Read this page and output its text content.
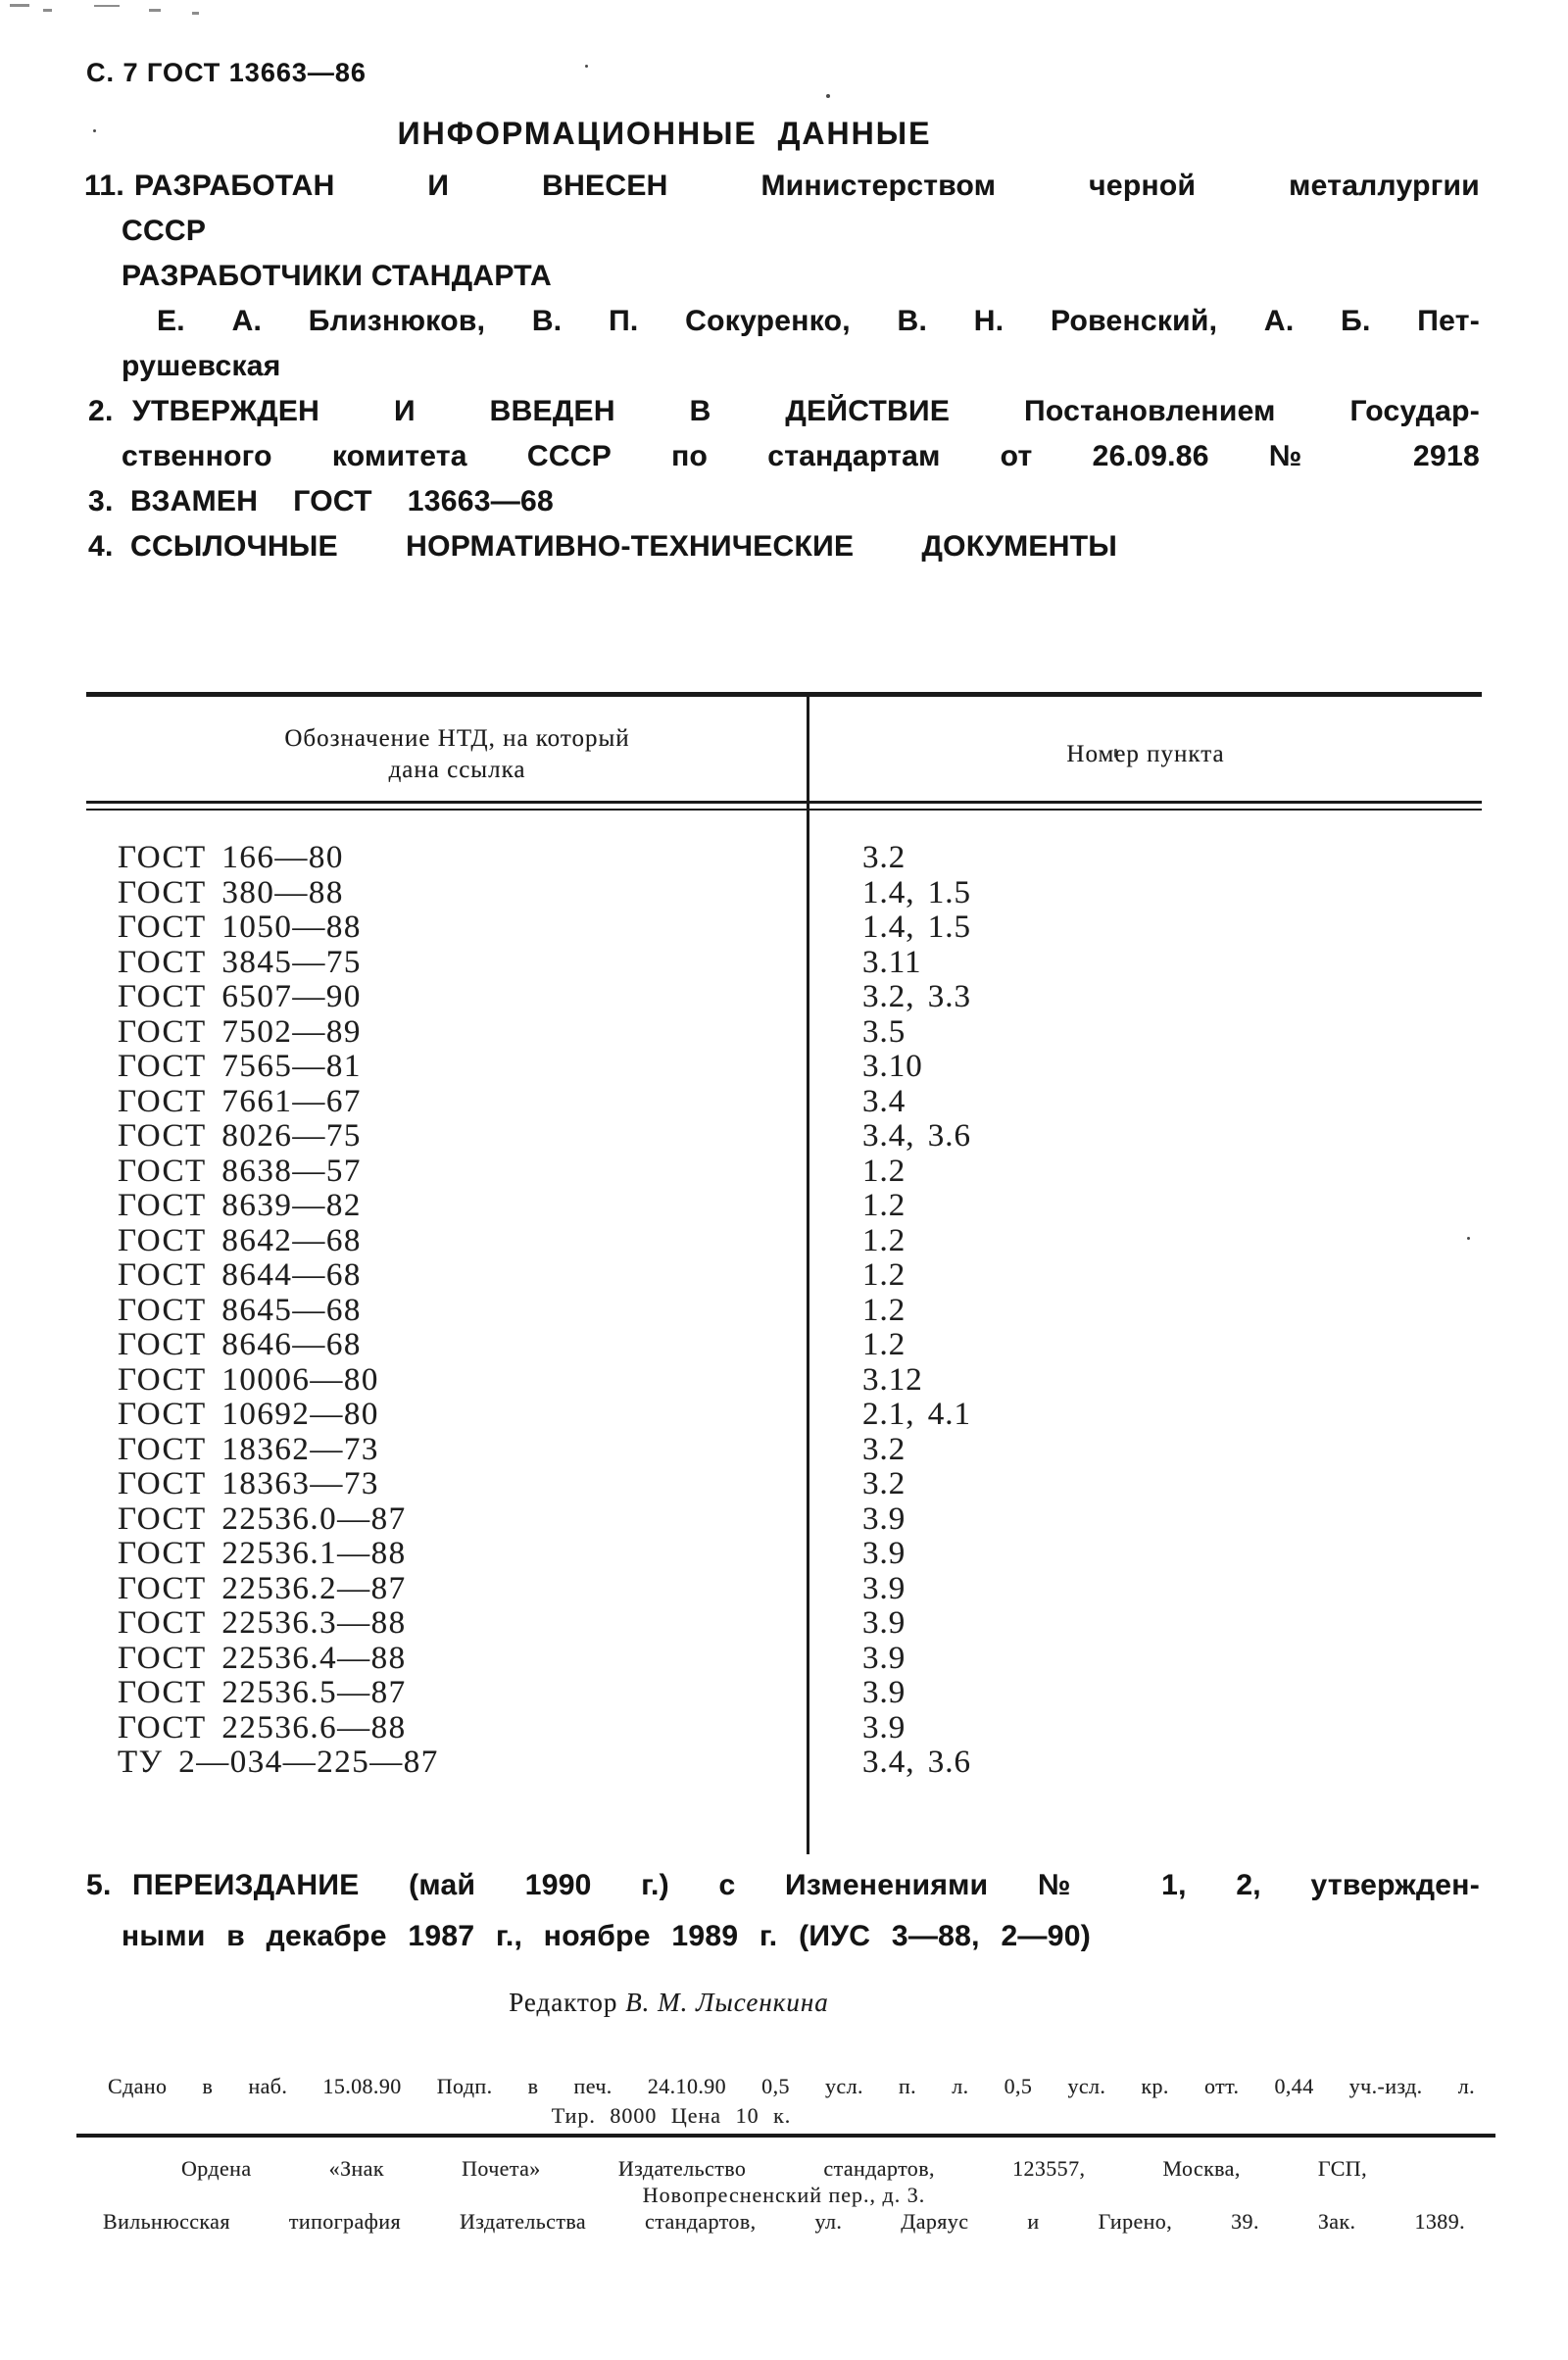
С. 7 ГОСТ 13663—86
ИНФОРМАЦИОННЫЕ ДАННЫЕ
11. РАЗРАБОТАН И ВНЕСЕН Министерством черной металлургии
СССР
РАЗРАБОТЧИКИ СТАНДАРТА
Е. А. Близнюков, В. П. Сокуренко, В. Н. Ровенский, А. Б. Пет-
рушевская
2. УТВЕРЖДЕН И ВВЕДЕН В ДЕЙСТВИЕ Постановлением Государ-
ственного комитета СССР по стандартам от 26.09.86 № 2918
3. ВЗАМЕН ГОСТ 13663—68
4. ССЫЛОЧНЫЕ НОРМАТИВНО-ТЕХНИЧЕСКИЕ ДОКУМЕНТЫ
Обозначение НТД, на который
дана ссылка
Номер пункта
ГОСТ 166—80	3.2
ГОСТ 380—88	1.4, 1.5
ГОСТ 1050—88	1.4, 1.5
ГОСТ 3845—75	3.11
ГОСТ 6507—90	3.2, 3.3
ГОСТ 7502—89	3.5
ГОСТ 7565—81	3.10
ГОСТ 7661—67	3.4
ГОСТ 8026—75	3.4, 3.6
ГОСТ 8638—57	1.2
ГОСТ 8639—82	1.2
ГОСТ 8642—68	1.2
ГОСТ 8644—68	1.2
ГОСТ 8645—68	1.2
ГОСТ 8646—68	1.2
ГОСТ 10006—80	3.12
ГОСТ 10692—80	2.1, 4.1
ГОСТ 18362—73	3.2
ГОСТ 18363—73	3.2
ГОСТ 22536.0—87	3.9
ГОСТ 22536.1—88	3.9
ГОСТ 22536.2—87	3.9
ГОСТ 22536.3—88	3.9
ГОСТ 22536.4—88	3.9
ГОСТ 22536.5—87	3.9
ГОСТ 22536.6—88	3.9
ТУ 2—034—225—87	3.4, 3.6
5. ПЕРЕИЗДАНИЕ (май 1990 г.) с Изменениями № 1, 2, утвержден-
ными в декабре 1987 г., ноябре 1989 г. (ИУС 3—88, 2—90)
Редактор В. М. Лысенкина
Сдано в наб. 15.08.90 Подп. в печ. 24.10.90 0,5 усл. п. л. 0,5 усл. кр. отт. 0,44 уч.-изд. л.
Тир. 8000 Цена 10 к.
Ордена «Знак Почета» Издательство стандартов, 123557, Москва, ГСП,
Новопресненский пер., д. 3.
Вильнюсская типография Издательства стандартов, ул. Даряус и Гирено, 39. Зак. 1389.
